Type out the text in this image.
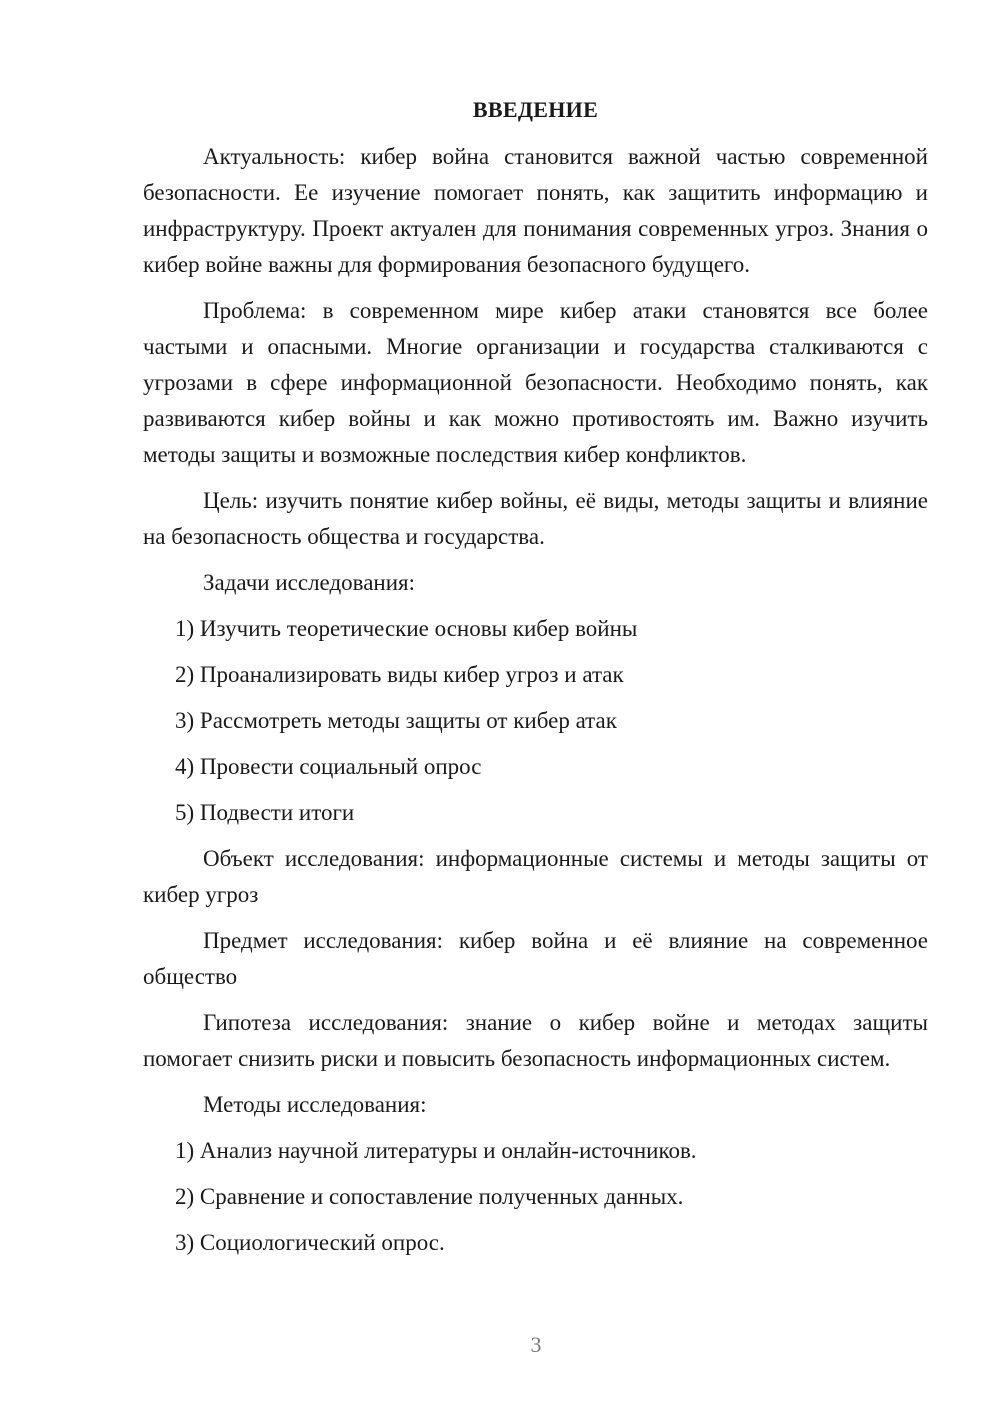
ВВЕДЕНИЕ

Актуальность: кибер война становится важной частью современной безопасности. Ее изучение помогает понять, как защитить информацию и инфраструктуру. Проект актуален для понимания современных угроз. Знания о кибер войне важны для формирования безопасного будущего.

Проблема: в современном мире кибер атаки становятся все более частыми и опасными. Многие организации и государства сталкиваются с угрозами в сфере информационной безопасности. Необходимо понять, как развиваются кибер войны и как можно противостоять им. Важно изучить методы защиты и возможные последствия кибер конфликтов.

Цель: изучить понятие кибер войны, её виды, методы защиты и влияние на безопасность общества и государства.

Задачи исследования:

1) Изучить теоретические основы кибер войны
2) Проанализировать виды кибер угроз и атак
3) Рассмотреть методы защиты от кибер атак
4) Провести социальный опрос
5) Подвести итоги

Объект исследования: информационные системы и методы защиты от кибер угроз

Предмет исследования: кибер война и её влияние на современное общество

Гипотеза исследования: знание о кибер войне и методах защиты помогает снизить риски и повысить безопасность информационных систем.

Методы исследования:

1) Анализ научной литературы и онлайн-источников.
2) Сравнение и сопоставление полученных данных.
3) Социологический опрос.
3
